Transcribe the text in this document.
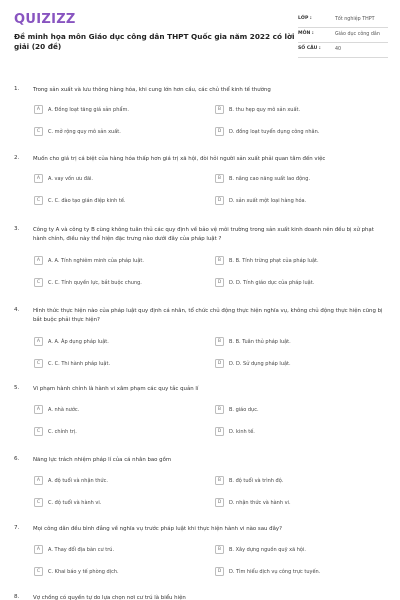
QUIZIZZ
Đề minh họa môn Giáo dục công dân THPT Quốc gia năm 2022 có lời giải (20 đề)
LỚP :	Tốt nghiệp THPT
MÔN :	Giáo dục công dân
SỐ CÂU :	40
1.	Trong sản xuất và lưu thông hàng hóa, khi cung lớn hơn cầu, các chủ thể kinh tế thường
A	A. Đồng loạt tăng giá sản phẩm.	B	B. thu hẹp quy mô sản xuất.
C	C. mở rộng quy mô sản xuất.	D	D. đồng loạt tuyển dụng công nhân.
2.	Muốn cho giá trị cá biệt của hàng hóa thấp hơn giá trị xã hội, đòi hỏi người sản xuất phải quan tâm đến việc
A	A. vay vốn ưu đãi.	B	B. nâng cao năng suất lao động.
C	C. C. đào tạo gián điệp kinh tế.	D	D. sản xuất một loại hàng hóa.
3.	Công ty A và công ty B cùng không tuân thủ các quy định về bảo vệ môi trường trong sản xuất kinh doanh nên đều bị xử phạt hành chính, điều này thể hiện đặc trưng nào dưới đây của pháp luật ?
A	A. A. Tính nghiêm minh của pháp luật.	B	B. B. Tính trừng phạt của pháp luật.
C	C. C. Tính quyền lực, bắt buộc chung.	D	D. D. Tính giáo dục của pháp luật.
4.	Hình thức thực hiện nào của pháp luật quy định cá nhân, tổ chức chủ động thực hiện nghĩa vụ, không chủ động thực hiện cũng bị bắt buộc phải thực hiện?
A	A. A. Áp dụng pháp luật.	B	B. B. Tuân thủ pháp luật.
C	C. C. Thi hành pháp luật.	D	D. D. Sử dụng pháp luật.
5.	Vi phạm hành chính là hành vi xâm phạm các quy tắc quản lí
A	A. nhà nước.	B	B. giáo dục.
C	C. chính trị.	D	D. kinh tế.
6.	Năng lực trách nhiệm pháp lí của cá nhân bao gồm
A	A. độ tuổi và nhận thức.	B	B. độ tuổi và trình độ.
C	C. độ tuổi và hành vi.	D	D. nhận thức và hành vi.
7.	Mọi công dân đều bình đẳng về nghĩa vụ trước pháp luật khi thực hiện hành vi nào sau đây?
A	A. Thay đổi địa bàn cư trú.	B	B. Xây dựng nguồn quỹ xã hội.
C	C. Khai báo y tế phòng dịch.	D	D. Tìm hiểu dịch vụ công trực tuyến.
8.	Vợ chồng có quyền tự do lựa chọn nơi cư trú là biểu hiện
